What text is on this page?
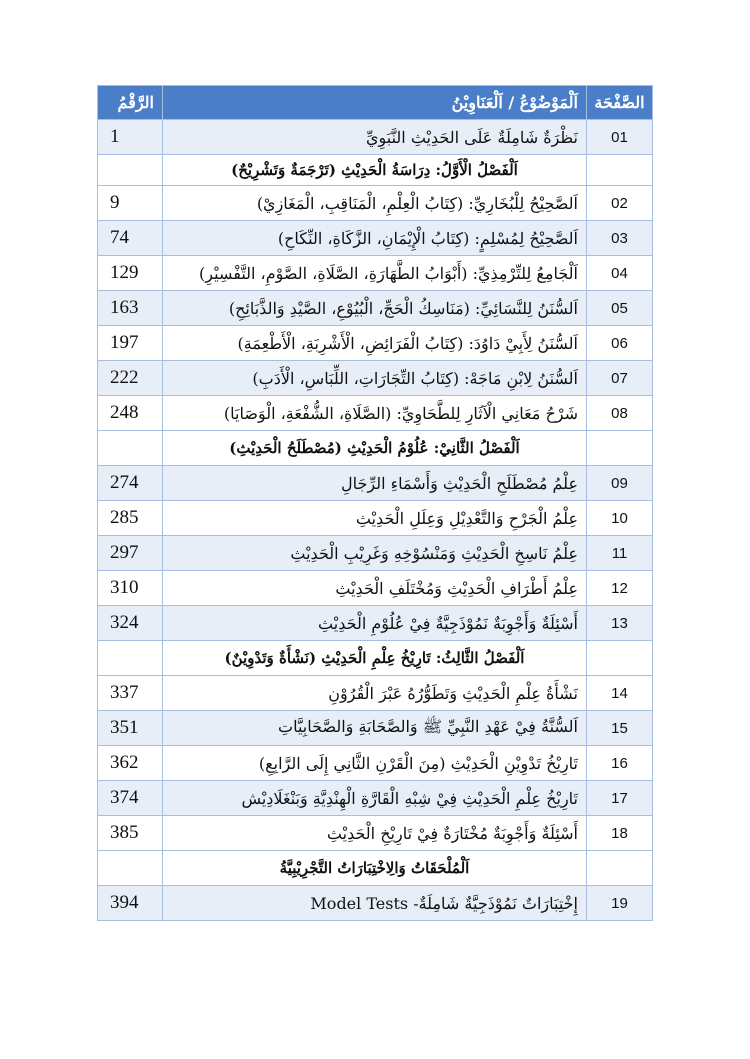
الصَّفْحَة	اَلْمَوْضُوْعُ / اَلْعَنَاوِيْنُ	الرَّقْمُ
01	نَظْرَةٌ شَامِلَةٌ عَلَى الحَدِيْثِ النَّبَوِيِّ	1
	اَلْفَصْلُ الْأَوَّلُ: دِرَاسَةُ الْحَدِيْثِ (تَرْجَمَةٌ وَتَشْرِيْحٌ)	
02	اَلصَّحِيْحُ لِلْبُخَارِيِّ: (كِتَابُ الْعِلْمِ، الْمَنَاقِبِ، الْمَغَازِيْ)	9
03	اَلصَّحِيْحُ لِمُسْلِمٍ: (كِتَابُ الْإِيْمَانِ، الزَّكَاةِ، النِّكَاحِ)	74
04	اَلْجَامِعُ لِلتِّرْمِذِيِّ: (أَبْوَابُ الطَّهَارَةِ، الصَّلَاةِ، الصَّوْمِ، التَّفْسِيْرِ)	129
05	اَلسُّنَنُ لِلنَّسَائِيِّ: (مَنَاسِكُ الْحَجِّ، الْبُيُوْعِ، الصَّيْدِ وَالذَّبَائِحِ)	163
06	اَلسُّنَنُ لِأَبِيْ دَاوُدَ: (كِتَابُ الْفَرَائِضِ، الْأَشْرِبَةِ، الْأَطْعِمَةِ)	197
07	اَلسُّنَنُ لِابْنِ مَاجَهْ: (كِتَابُ التِّجَارَاتِ، اللِّبَاسِ، الْأَدَبِ)	222
08	شَرْحُ مَعَانِي الْآثَارِ لِلطَّحَاوِيِّ: (الصَّلَاةِ، الشُّفْعَةِ، الْوَصَايَا)	248
	اَلْفَصْلُ الثَّانِيْ: عُلُوْمُ الْحَدِيْثِ (مُصْطَلَحُ الْحَدِيْثِ)	
09	عِلْمُ مُصْطَلَحِ الْحَدِيْثِ وَأَسْمَاءِ الرِّجَالِ	274
10	عِلْمُ الْجَرْحِ وَالتَّعْدِيْلِ وَعِلَلِ الْحَدِيْثِ	285
11	عِلْمُ نَاسِخِ الْحَدِيْثِ وَمَنْسُوْخِهِ وَغَرِيْبِ الْحَدِيْثِ	297
12	عِلْمُ أَطْرَافِ الْحَدِيْثِ وَمُخْتَلَفِ الْحَدِيْثِ	310
13	أَسْئِلَةٌ وَأَجْوِبَةٌ نَمُوْذَجِيَّةٌ فِيْ عُلُوْمِ الْحَدِيْثِ	324
	اَلْفَصْلُ الثَّالِثُ: تَارِيْخُ عِلْمِ الْحَدِيْثِ (نَشْأَةٌ وَتَدْوِيْنٌ)	
14	نَشْأَةُ عِلْمِ الْحَدِيْثِ وَتَطَوُّرُهُ عَبْرَ الْقُرُوْنِ	337
15	اَلسُّنَّةُ فِيْ عَهْدِ النَّبِيِّ ﷺ وَالصَّحَابَةِ وَالصَّحَابِيَّاتِ	351
16	تَارِيْخُ تَدْوِيْنِ الْحَدِيْثِ (مِنَ الْقَرْنِ الثَّانِي إِلَى الرَّابِعِ)	362
17	تَارِيْخُ عِلْمِ الْحَدِيْثِ فِيْ شِبْهِ الْقَارَّةِ الْهِنْدِيَّةِ وَبَنْغَلَادِيْش	374
18	أَسْئِلَةٌ وَأَجْوِبَةٌ مُخْتَارَةٌ فِيْ تَارِيْخِ الْحَدِيْثِ	385
	اَلْمُلْحَقَاتُ وَالِاخْتِبَارَاتُ التَّجْرِيْبِيَّةُ	
19	إِخْتِبَارَاتٌ نَمُوْذَجِيَّةٌ شَامِلَةٌ- Model Tests	394
